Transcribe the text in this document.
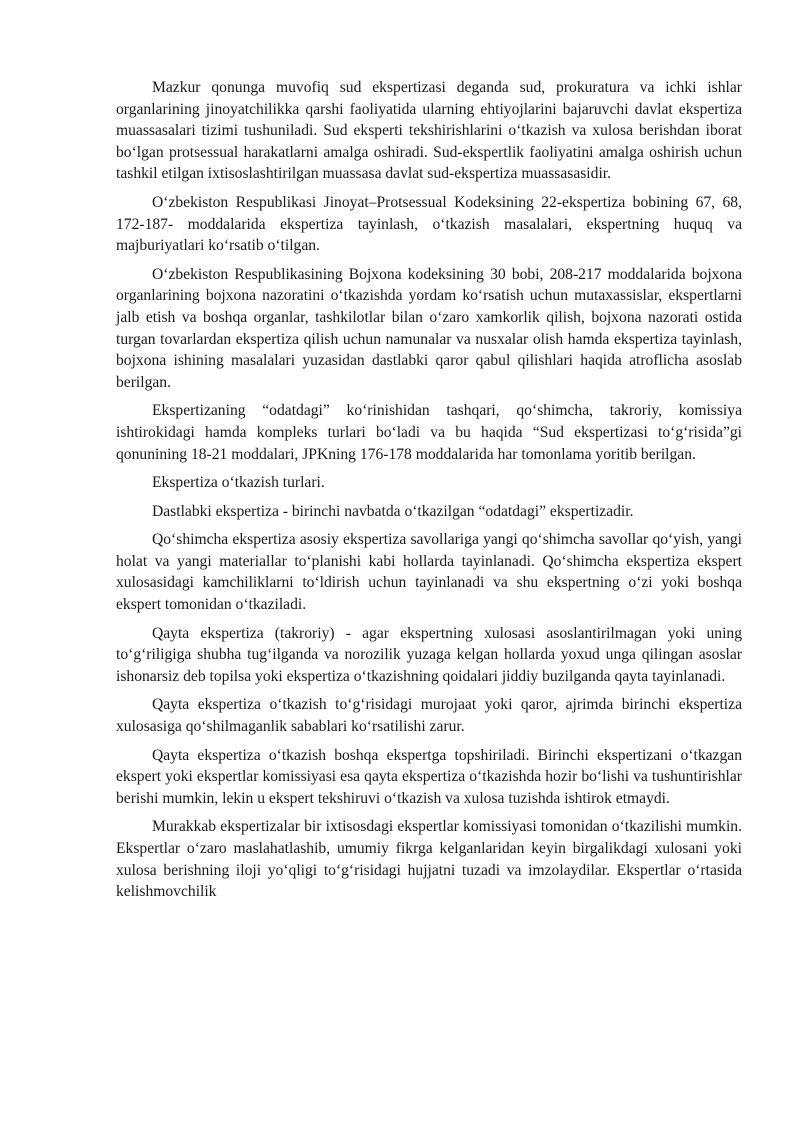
Mazkur qonunga muvofiq sud ekspertizasi deganda sud, prokuratura va ichki ishlar organlarining jinoyatchilikka qarshi faoliyatida ularning ehtiyojlarini bajaruvchi davlat ekspertiza muassasalari tizimi tushuniladi. Sud eksperti tekshirishlarini o‘tkazish va xulosa berishdan iborat bo‘lgan protsessual harakatlarni amalga oshiradi. Sud-ekspertlik faoliyatini amalga oshirish uchun tashkil etilgan ixtisoslashtirilgan muassasa davlat sud-ekspertiza muassasasidir.

O‘zbekiston Respublikasi Jinoyat–Protsessual Kodeksining 22-ekspertiza bobining 67, 68, 172-187- moddalarida ekspertiza tayinlash, o‘tkazish masalalari, ekspertning huquq va majburiyatlari ko‘rsatib o‘tilgan.

O‘zbekiston Respublikasining Bojxona kodeksining 30 bobi, 208-217 moddalarida bojxona organlarining bojxona nazoratini o‘tkazishda yordam ko‘rsatish uchun mutaxassislar, ekspertlarni jalb etish va boshqa organlar, tashkilotlar bilan o‘zaro xamkorlik qilish, bojxona nazorati ostida turgan tovarlardan ekspertiza qilish uchun namunalar va nusxalar olish hamda ekspertiza tayinlash, bojxona ishining masalalari yuzasidan dastlabki qaror qabul qilishlari haqida atroflicha asoslab berilgan.

Ekspertizaning “odatdagi” ko‘rinishidan tashqari, qo‘shimcha, takroriy, komissiya ishtirokidagi hamda kompleks turlari bo‘ladi va bu haqida “Sud ekspertizasi to‘g‘risida”gi qonunining 18-21 moddalari, JPKning 176-178 moddalarida har tomonlama yoritib berilgan.

Ekspertiza o‘tkazish turlari.

Dastlabki ekspertiza - birinchi navbatda o‘tkazilgan “odatdagi” ekspertizadir.

Qo‘shimcha ekspertiza asosiy ekspertiza savollariga yangi qo‘shimcha savollar qo‘yish, yangi holat va yangi materiallar to‘planishi kabi hollarda tayinlanadi. Qo‘shimcha ekspertiza ekspert xulosasidagi kamchiliklarni to‘ldirish uchun tayinlanadi va shu ekspertning o‘zi yoki boshqa ekspert tomonidan o‘tkaziladi.

Qayta ekspertiza (takroriy) - agar ekspertning xulosasi asoslantirilmagan yoki uning to‘g‘riligiga shubha tug‘ilganda va norozilik yuzaga kelgan hollarda yoxud unga qilingan asoslar ishonarsiz deb topilsa yoki ekspertiza o‘tkazishning qoidalari jiddiy buzilganda qayta tayinlanadi.

Qayta ekspertiza o‘tkazish to‘g‘risidagi murojaat yoki qaror, ajrimda birinchi ekspertiza xulosasiga qo‘shilmaganlik sabablari ko‘rsatilishi zarur.

Qayta ekspertiza o‘tkazish boshqa ekspertga topshiriladi. Birinchi ekspertizani o‘tkazgan ekspert yoki ekspertlar komissiyasi esa qayta ekspertiza o‘tkazishda hozir bo‘lishi va tushuntirishlar berishi mumkin, lekin u ekspert tekshiruvi o‘tkazish va xulosa tuzishda ishtirok etmaydi.

Murakkab ekspertizalar bir ixtisosdagi ekspertlar komissiyasi tomonidan o‘tkazilishi mumkin. Ekspertlar o‘zaro maslahatlashib, umumiy fikrga kelganlaridan keyin birgalikdagi xulosani yoki xulosa berishning iloji yo‘qligi to‘g‘risidagi hujjatni tuzadi va imzolaydilar. Ekspertlar o‘rtasida kelishmovchilik
